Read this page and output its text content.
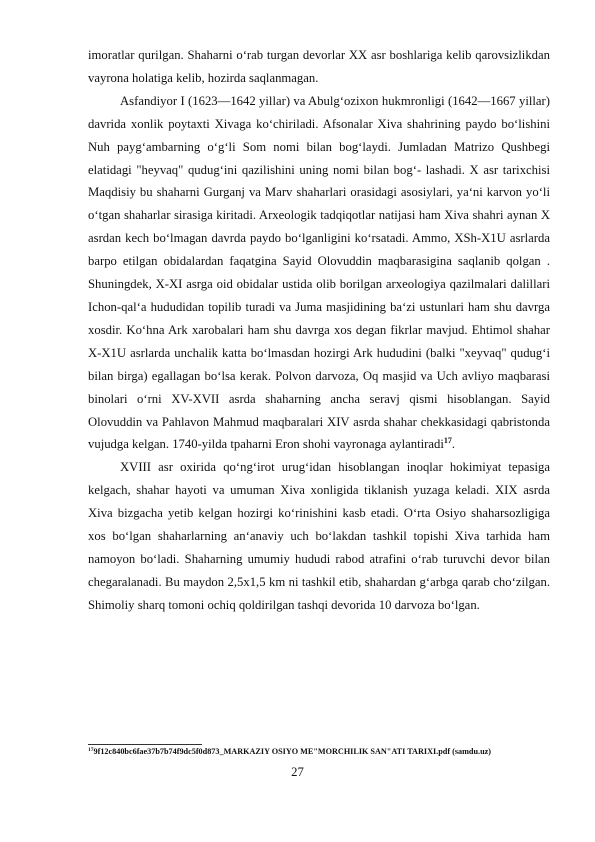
imoratlar qurilgan. Shaharni o‘rab turgan devorlar XX asr boshlariga kelib qarovsizlikdan vayrona holatiga kelib, hozirda saqlanmagan.

Asfandiyor I (1623—1642 yillar) va Abulg‘ozixon hukmronligi (1642—1667 yillar) davrida xonlik poytaxti Xivaga ko‘chiriladi. Afsonalar Xiva shahrining paydo bo‘lishini Nuh payg‘ambarning o‘g‘li Som nomi bilan bog‘laydi. Jumladan Matrizo Qushbegi elatidagi "heyvaq" qudug‘ini qazilishini uning nomi bilan bog‘- lashadi. X asr tarixchisi Maqdisiy bu shaharni Gurganj va Marv shaharlari orasidagi asosiylari, ya‘ni karvon yo‘li o‘tgan shaharlar sirasiga kiritadi. Arxeologik tadqiqotlar natijasi ham Xiva shahri aynan X asrdan kech bo‘lmagan davrda paydo bo‘lganligini ko‘rsatadi. Ammo, XSh-X1U asrlarda barpo etilgan obidalardan faqatgina Sayid Olovuddin maqbarasigina saqlanib qolgan . Shuningdek, X-XI asrga oid obidalar ustida olib borilgan arxeologiya qazilmalari dalillari Ichon-qal‘a hududidan topilib turadi va Juma masjidining ba‘zi ustunlari ham shu davrga xosdir. Ko‘hna Ark xarobalari ham shu davrga xos degan fikrlar mavjud. Ehtimol shahar X-X1U asrlarda unchalik katta bo‘lmasdan hozirgi Ark hududini (balki "xeyvaq" qudug‘i bilan birga) egallagan bo‘lsa kerak. Polvon darvoza, Oq masjid va Uch avliyo maqbarasi binolari o‘rni XV-XVII asrda shaharning ancha seravj qismi hisoblangan. Sayid Olovuddin va Pahlavon Mahmud maqbaralari XIV asrda shahar chekkasidagi qabristonda vujudga kelgan. 1740-yilda tpaharni Eron shohi vayronaga aylantiradi$^{17}$.

XVIII asr oxirida qo‘ng‘irot urug‘idan hisoblangan inoqlar hokimiyat tepasiga kelgach, shahar hayoti va umuman Xiva xonligida tiklanish yuzaga keladi. XIX asrda Xiva bizgacha yetib kelgan hozirgi ko‘rinishini kasb etadi. O‘rta Osiyo shaharsozligiga xos bo‘lgan shaharlarning an‘anaviy uch bo‘lakdan tashkil topishi Xiva tarhida ham namoyon bo‘ladi. Shaharning umumiy hududi rabod atrafini o‘rab turuvchi devor bilan chegaralanadi. Bu maydon 2,5x1,5 km ni tashkil etib, shahardan g‘arbga qarab cho‘zilgan. Shimoliy sharq tomoni ochiq qoldirilgan tashqi devorida 10 darvoza bo‘lgan.

$^{17}$9f12c840bc6fae37b7b74f9dc5f0d873_MARKAZIY OSIYO ME"MORCHILIK SAN"ATI TARIXI.pdf (samdu.uz)
27
